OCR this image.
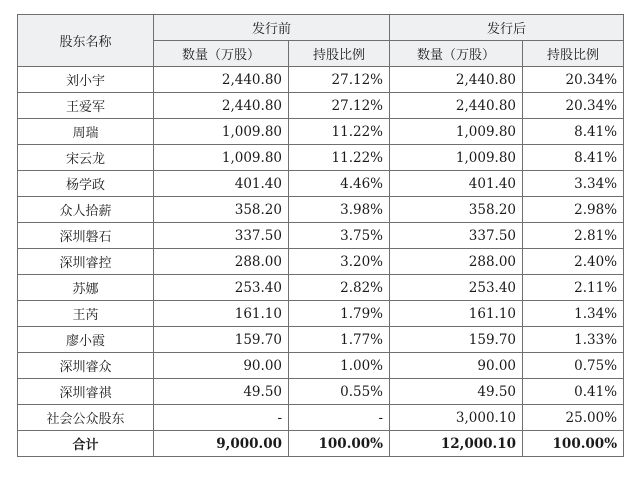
股东名称	发行前		发行后	
	数量（万股）	持股比例	数量（万股）	持股比例
刘小宇	2,440.80	27.12%	2,440.80	20.34%
王爱军	2,440.80	27.12%	2,440.80	20.34%
周瑞	1,009.80	11.22%	1,009.80	8.41%
宋云龙	1,009.80	11.22%	1,009.80	8.41%
杨学政	401.40	4.46%	401.40	3.34%
众人拾薪	358.20	3.98%	358.20	2.98%
深圳磐石	337.50	3.75%	337.50	2.81%
深圳睿控	288.00	3.20%	288.00	2.40%
苏娜	253.40	2.82%	253.40	2.11%
王芮	161.10	1.79%	161.10	1.34%
廖小霞	159.70	1.77%	159.70	1.33%
深圳睿众	90.00	1.00%	90.00	0.75%
深圳睿祺	49.50	0.55%	49.50	0.41%
社会公众股东	-	-	3,000.10	25.00%
合计	9,000.00	100.00%	12,000.10	100.00%
